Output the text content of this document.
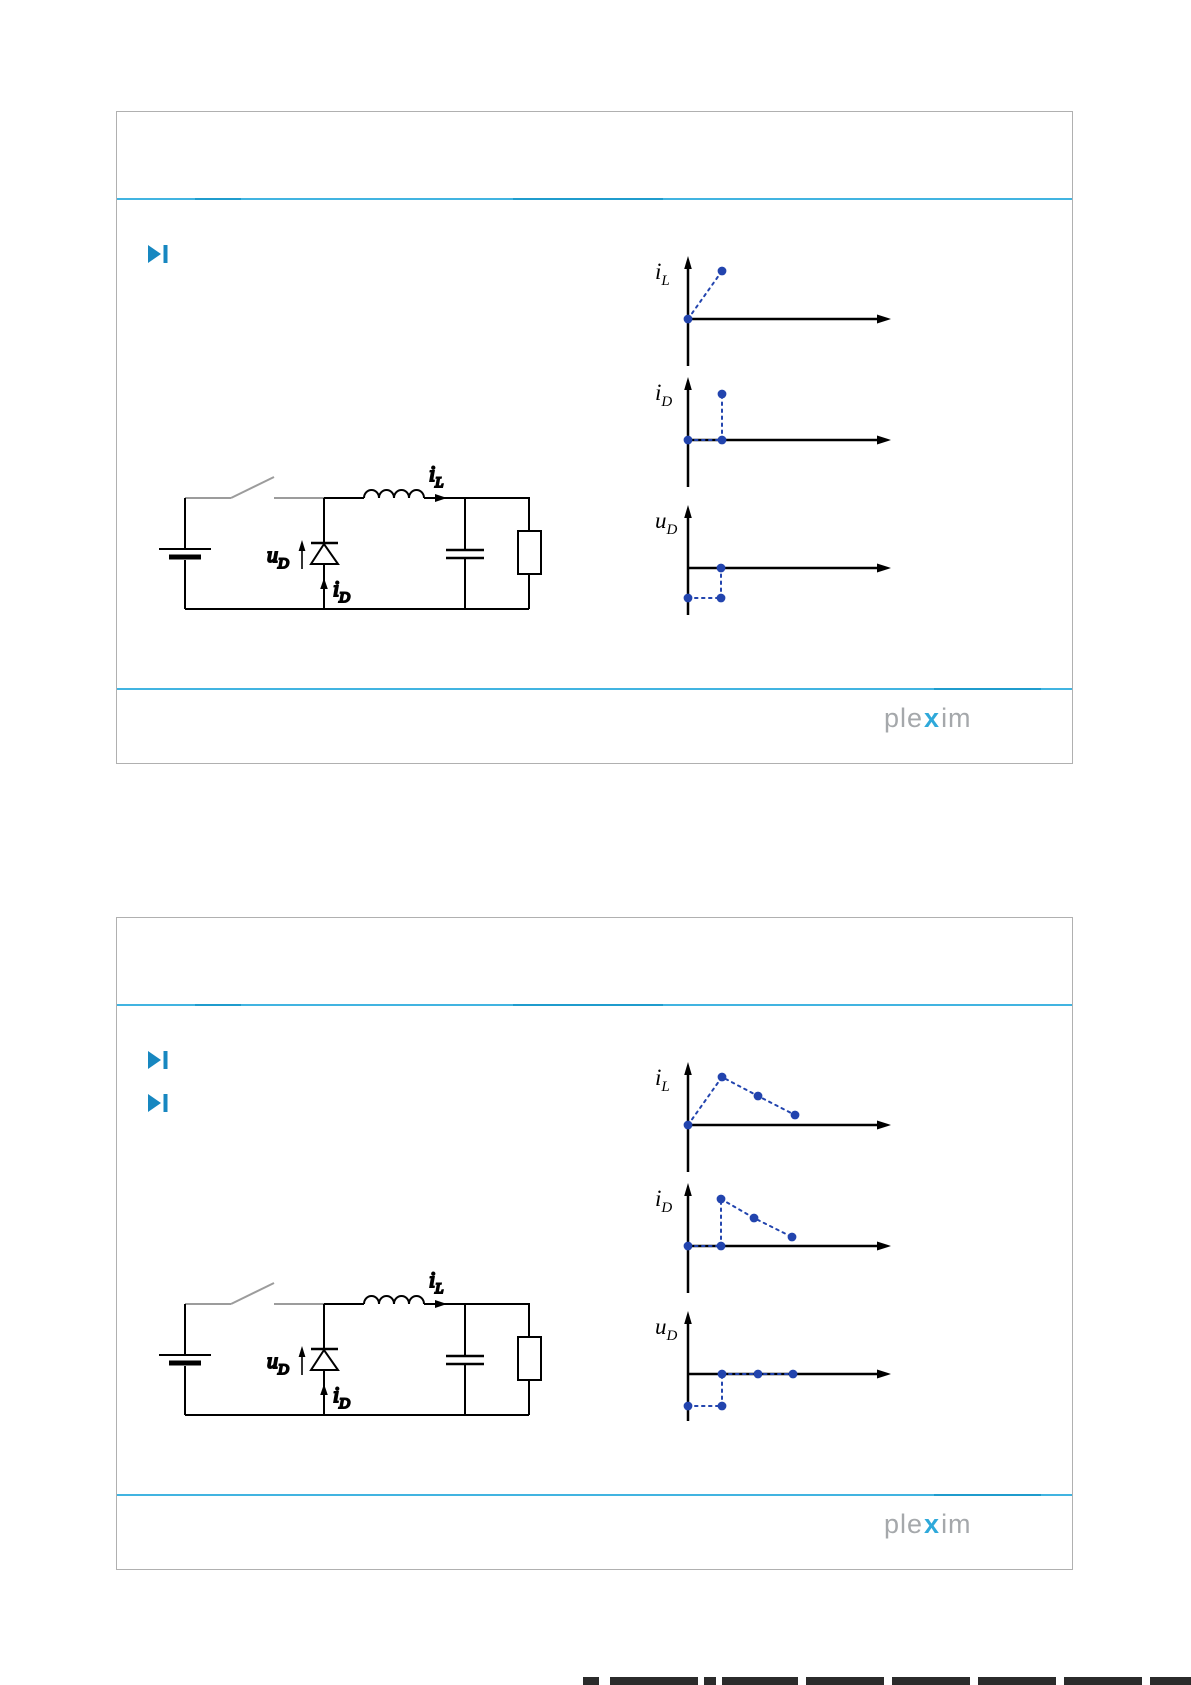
$i_L$
$u_D$
$i_D$
$i_L$
$i_D$
$u_D$
plexim
$i_L$
$u_D$
$i_D$
$i_L$
$i_D$
$u_D$
plexim
